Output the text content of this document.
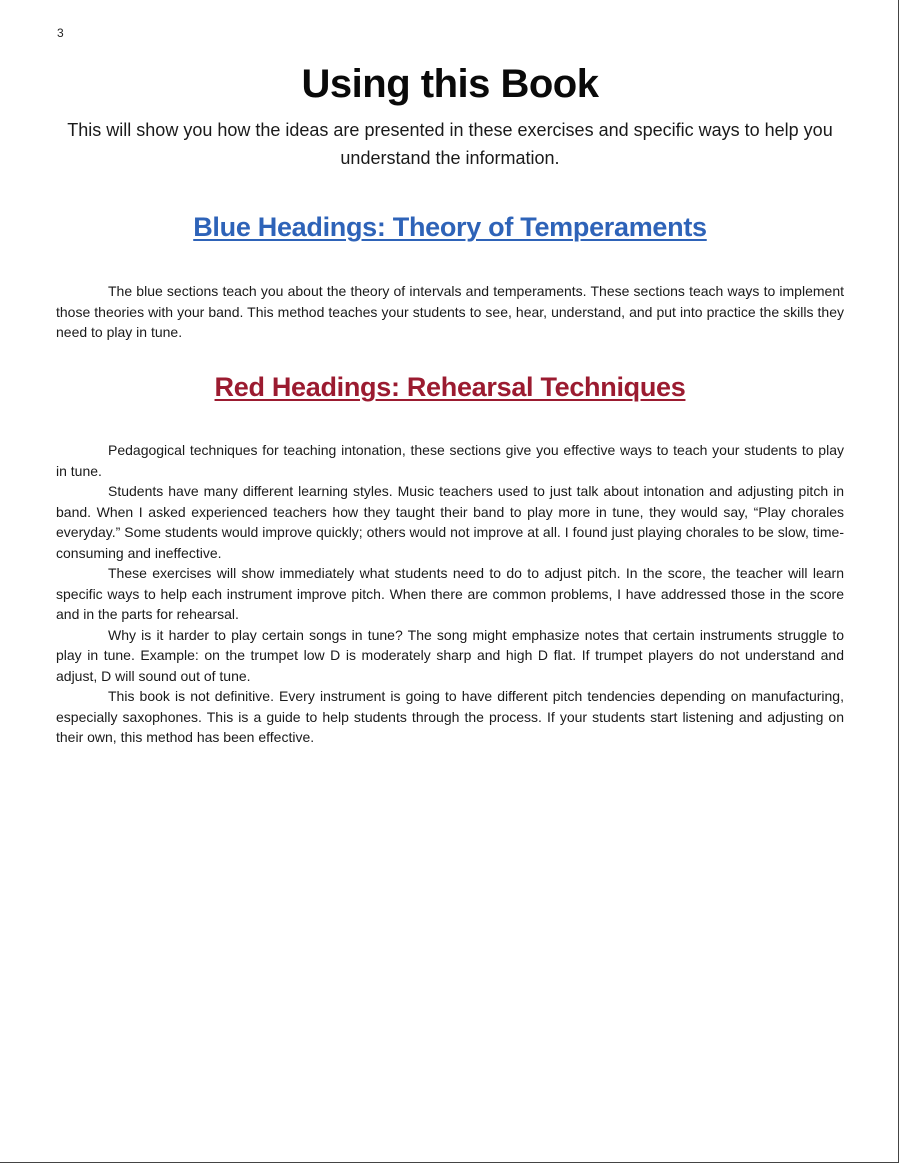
3
Using this Book
This will show you how the ideas are presented in these exercises and specific ways to help you understand the information.
Blue Headings: Theory of Temperaments

The blue sections teach you about the theory of intervals and temperaments. These sections teach ways to implement those theories with your band. This method teaches your students to see, hear, understand, and put into practice the skills they need to play in tune.

Red Headings: Rehearsal Techniques

Pedagogical techniques for teaching intonation, these sections give you effective ways to teach your students to play in tune.

Students have many different learning styles. Music teachers used to just talk about intonation and adjusting pitch in band. When I asked experienced teachers how they taught their band to play more in tune, they would say, “Play chorales everyday.” Some students would improve quickly; others would not improve at all. I found just playing chorales to be slow, time-consuming and ineffective.

These exercises will show immediately what students need to do to adjust pitch. In the score, the teacher will learn specific ways to help each instrument improve pitch. When there are common problems, I have addressed those in the score and in the parts for rehearsal.

Why is it harder to play certain songs in tune? The song might emphasize notes that certain instruments struggle to play in tune. Example: on the trumpet low D is moderately sharp and high D flat. If trumpet players do not understand and adjust, D will sound out of tune.

This book is not definitive. Every instrument is going to have different pitch tendencies depending on manufacturing, especially saxophones. This is a guide to help students through the process. If your students start listening and adjusting on their own, this method has been effective.
